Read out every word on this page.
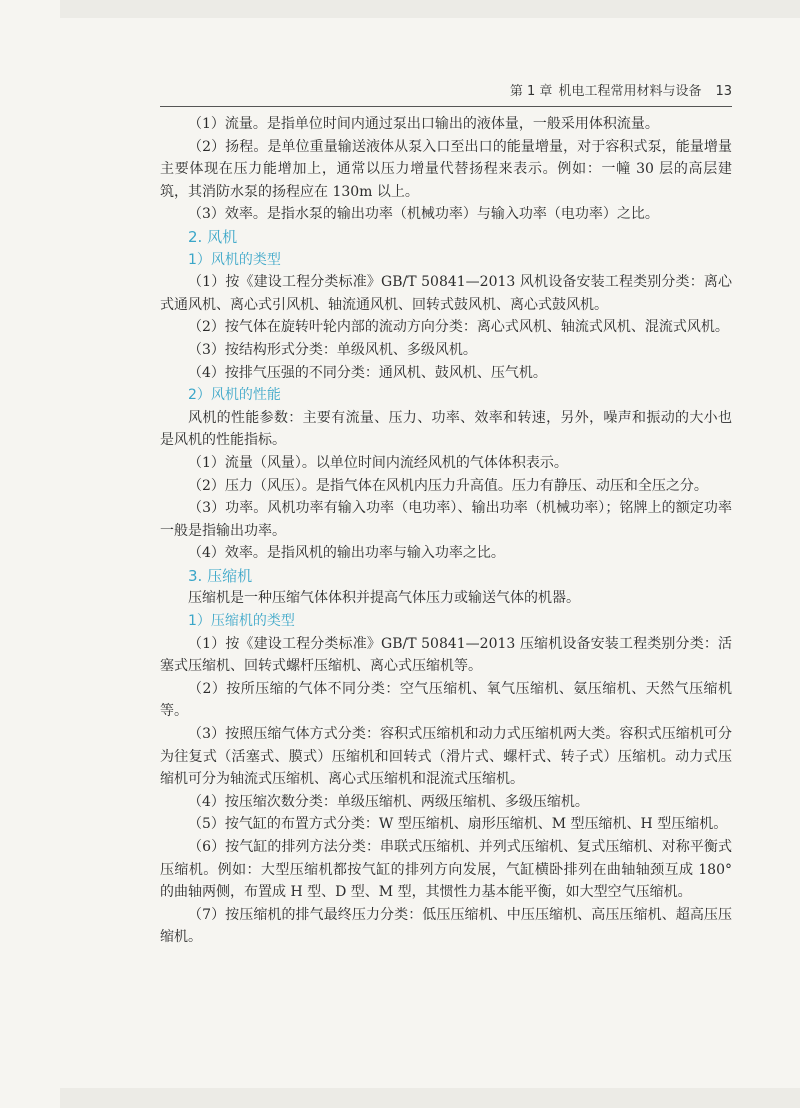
第 1 章 机电工程常用材料与设备 13

（1）流量。是指单位时间内通过泵出口输出的液体量，一般采用体积流量。

（2）扬程。是单位重量输送液体从泵入口至出口的能量增量，对于容积式泵，能量增量主要体现在压力能增加上，通常以压力增量代替扬程来表示。例如：一幢 30 层的高层建筑，其消防水泵的扬程应在 130m 以上。

（3）效率。是指水泵的输出功率（机械功率）与输入功率（电功率）之比。

2. 风机

1）风机的类型

（1）按《建设工程分类标准》GB/T 50841—2013 风机设备安装工程类别分类：离心式通风机、离心式引风机、轴流通风机、回转式鼓风机、离心式鼓风机。

（2）按气体在旋转叶轮内部的流动方向分类：离心式风机、轴流式风机、混流式风机。

（3）按结构形式分类：单级风机、多级风机。

（4）按排气压强的不同分类：通风机、鼓风机、压气机。

2）风机的性能

风机的性能参数：主要有流量、压力、功率、效率和转速，另外，噪声和振动的大小也是风机的性能指标。

（1）流量（风量）。以单位时间内流经风机的气体体积表示。

（2）压力（风压）。是指气体在风机内压力升高值。压力有静压、动压和全压之分。

（3）功率。风机功率有输入功率（电功率）、输出功率（机械功率）；铭牌上的额定功率一般是指输出功率。

（4）效率。是指风机的输出功率与输入功率之比。

3. 压缩机

压缩机是一种压缩气体体积并提高气体压力或输送气体的机器。

1）压缩机的类型

（1）按《建设工程分类标准》GB/T 50841—2013 压缩机设备安装工程类别分类：活塞式压缩机、回转式螺杆压缩机、离心式压缩机等。

（2）按所压缩的气体不同分类：空气压缩机、氧气压缩机、氨压缩机、天然气压缩机等。

（3）按照压缩气体方式分类：容积式压缩机和动力式压缩机两大类。容积式压缩机可分为往复式（活塞式、膜式）压缩机和回转式（滑片式、螺杆式、转子式）压缩机。动力式压缩机可分为轴流式压缩机、离心式压缩机和混流式压缩机。

（4）按压缩次数分类：单级压缩机、两级压缩机、多级压缩机。

（5）按气缸的布置方式分类：W 型压缩机、扇形压缩机、M 型压缩机、H 型压缩机。

（6）按气缸的排列方法分类：串联式压缩机、并列式压缩机、复式压缩机、对称平衡式压缩机。例如：大型压缩机都按气缸的排列方向发展，气缸横卧排列在曲轴轴颈互成 180° 的曲轴两侧，布置成 H 型、D 型、M 型，其惯性力基本能平衡，如大型空气压缩机。

（7）按压缩机的排气最终压力分类：低压压缩机、中压压缩机、高压压缩机、超高压压缩机。
